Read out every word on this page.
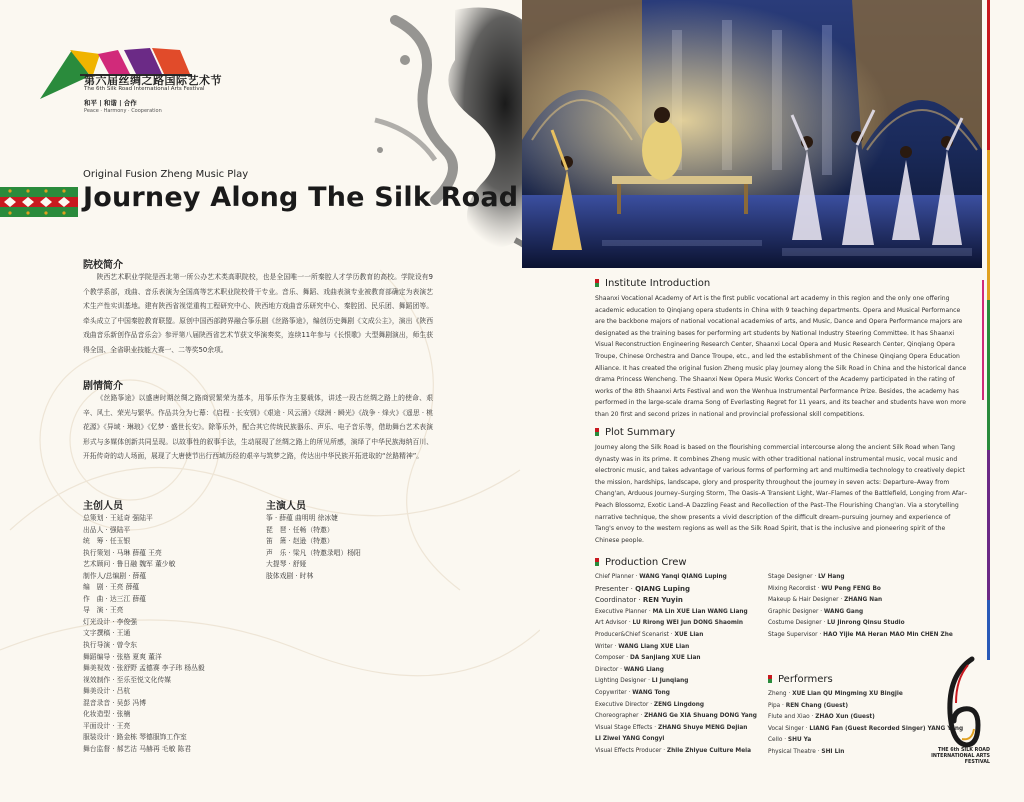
第六届丝绸之路国际艺术节
The 6th Silk Road International Arts Festival
和平 | 和谐 | 合作
Peace · Harmony · Cooperation
Original Fusion Zheng Music Play
Journey Along The Silk Road
院校简介
陕西艺术职业学院是西北第一所公办艺术类高职院校，也是全国唯一一所秦腔人才学历教育的高校。学院设有9个教学系部，戏曲、音乐表演为全国高等艺术职业院校骨干专业。音乐、舞蹈、戏曲表演专业被教育部确定为表演艺术生产性实训基地。建有陕西省视觉重构工程研究中心、陕西地方戏曲音乐研究中心、秦腔团、民乐团、舞蹈团等。牵头成立了中国秦腔教育联盟。原创中国西部跨界融合筝乐剧《丝路筝途》，编创历史舞剧《文成公主》，演出《陕西戏曲音乐新创作品音乐会》参评第八届陕西省艺术节获文华演奏奖，连续11年参与《长恨歌》大型舞剧演出，师生获得全国、全省职业技能大赛一、二等奖50余项。
剧情简介
《丝路筝途》以盛唐时期丝绸之路商贸繁荣为基本，用筝乐作为主要载体，讲述一段古丝绸之路上的使命、艰辛、风土、荣光与繁华。作品共分为七幕：《启程 · 长安别》《艰途 · 风云涌》《绿洲 · 瞬光》《战争 · 烽火》《遥思 · 桃花源》《异域 · 琳琅》《忆梦 · 盛世长安》。除筝乐外，配合其它传统民族器乐、声乐、电子音乐等，借助舞台艺术表演形式与多媒体创新共同呈现。以故事性的叙事手法，生动展现了丝绸之路上的所见所感，演绎了中华民族海纳百川、开拓传奇的动人场面，展现了大唐使节出行西域历经的艰辛与筑梦之路，传达出中华民族开拓进取的“丝路精神”。
主创人员
总策划 · 王延奇 强陆平
出品人 · 强陆平
统　筹 · 任玉银
执行策划 · 马琳 薛蕴 王亮
艺术顾问 · 鲁日融 魏军 董少敏
制作人/总编剧 · 薛蕴
编　剧 · 王亮 薛蕴
作　曲 · 达三江 薛蕴
导　演 · 王亮
灯光设计 · 李俊强
文字撰稿 · 王通
执行导演 · 曾令东
舞蹈编导 · 张格 夏爽 董洋
舞美视效 · 张舒野 孟德赛 李子玮 杨丛毅
视效制作 · 至乐至悦文化传媒
舞美设计 · 吕杭
混音录音 · 吴彭 冯博
化妆造型 · 张楠
平面设计 · 王亮
服装设计 · 路金栋 琴德服饰工作室
舞台监督 · 郝艺沽 马赫再 毛敏 陈君
主演人员
筝 · 薛蕴 曲明明 徐冰婕
琵　琶 · 任畅（特邀）
笛　箫 · 赵逊（特邀）
声　乐 · 梁凡（特邀录唱）杨阳
大提琴 · 舒娅
肢体戏剧 · 时林
Institute Introduction
Shaanxi Vocational Academy of Art is the first public vocational art academy in this region and the only one offering academic education to Qinqiang opera students in China with 9 teaching departments. Opera and Musical Performance are the backbone majors of national vocational academies of arts, and Music, Dance and Opera Performance majors are designated as the training bases for performing art students by National Industry Steering Committee. It has Shaanxi Visual Reconstruction Engineering Research Center, Shaanxi Local Opera and Music Research Center, Qinqiang Opera Troupe, Chinese Orchestra and Dance Troupe, etc., and led the establishment of the Chinese Qinqiang Opera Education Alliance. It has created the original fusion Zheng music play Journey along the Silk Road in China and the historical dance drama Princess Wencheng. The Shaanxi New Opera Music Works Concert of the Academy participated in the rating of works of the 8th Shaanxi Arts Festival and won the Wenhua Instrumental Performance Prize. Besides, the academy has performed in the large-scale drama Song of Everlasting Regret for 11 years, and its teacher and students have won more than 20 first and second prizes in national and provincial professional skill competitions.
Plot Summary
Journey along the Silk Road is based on the flourishing commercial intercourse along the ancient Silk Road when Tang dynasty was in its prime. It combines Zheng music with other traditional national instrumental music, vocal music and electronic music, and takes advantage of various forms of performing art and multimedia technology to creatively depict the mission, hardships, landscape, glory and prosperity throughout the journey in seven acts: Departure–Away from Chang'an, Arduous Journey–Surging Storm, The Oasis–A Transient Light, War–Flames of the Battlefield, Longing from Afar–Peach Blossomz, Exotic Land–A Dazzling Feast and Recollection of the Past–The Flourishing Chang'an. Via a storytelling narrative technique, the show presents a vivid description of the difficult dream–pursuing journey and experience of Tang's envoy to the western regions as well as the Silk Road Spirit, that is the inclusive and pioneering spirit of the Chinese people.
Production Crew
Chief Planner · WANG Yanqi QIANG Luping
Presenter · QIANG Luping
Coordinator · REN Yuyin
Executive Planner · MA Lin XUE Lian WANG Liang
Art Advisor · LU Rirong WEI Jun DONG Shaomin
Producer&Chief Scenarist · XUE Lian
Writer · WANG Liang XUE Lian
Composer · DA Sanjiang XUE Lian
Director · WANG Liang
Lighting Designer · LI Junqiang
Copywriter · WANG Tong
Executive Director · ZENG Lingdong
Choreographer · ZHANG Ge XIA Shuang DONG Yang
Visual Stage Effects · ZHANG Shuye MENG Dejian
LI Ziwei YANG Congyi
Visual Effects Producer · Zhile Zhiyue Culture Meia
Stage Designer · LV Hang
Mixing Recordist · WU Peng FENG Bo
Makeup & Hair Designer · ZHANG Nan
Graphic Designer · WANG Gang
Costume Designer · LU Jinrong Qinsu Studio
Stage Supervisor · HAO Yijie MA Heran MAO Min CHEN Zhe
Performers
Zheng · XUE Lian QU Mingming XU Bingjie
Pipa · REN Chang (Guest)
Flute and Xiao · ZHAO Xun (Guest)
Vocal Singer · LIANG Fan (Guest Recorded Singer) YANG Yang
Cello · SHU Ya
Physical Theatre · SHI Lin	THE 6th SILK ROAD
INTERNATIONAL ARTS FESTIVAL
